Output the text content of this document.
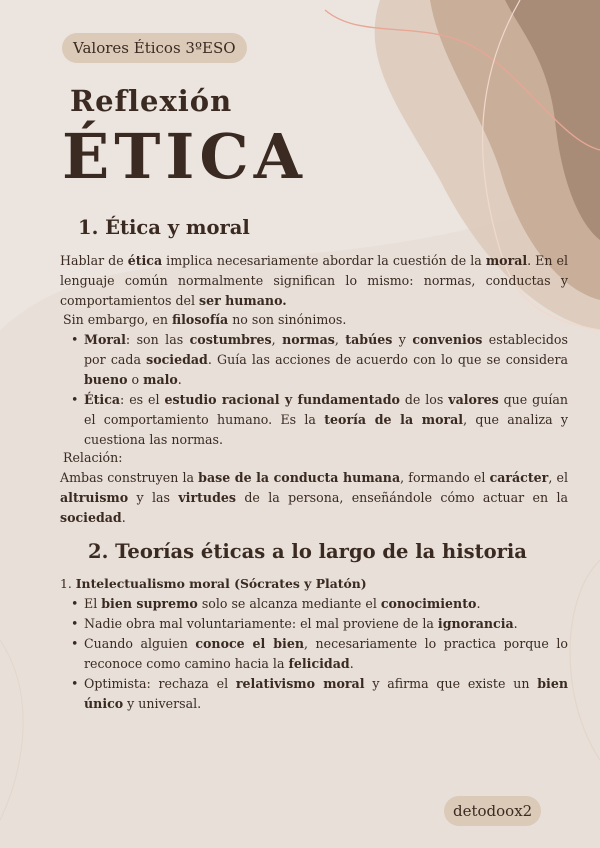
Valores Éticos 3ºESO
Reflexión
ÉTICA
1. Ética y moral

Hablar de ética implica necesariamente abordar la cuestión de la moral. En el lenguaje común normalmente significan lo mismo: normas, conductas y comportamientos del ser humano.

Sin embargo, en filosofía no son sinónimos.

• Moral: son las costumbres, normas, tabúes y convenios establecidos por cada sociedad. Guía las acciones de acuerdo con lo que se considera bueno o malo.
• Ética: es el estudio racional y fundamentado de los valores que guían el comportamiento humano. Es la teoría de la moral, que analiza y cuestiona las normas.

Relación:

Ambas construyen la base de la conducta humana, formando el carácter, el altruismo y las virtudes de la persona, enseñándole cómo actuar en la sociedad.

2. Teorías éticas a lo largo de la historia

1. Intelectualismo moral (Sócrates y Platón)

• El bien supremo solo se alcanza mediante el conocimiento.
• Nadie obra mal voluntariamente: el mal proviene de la ignorancia.
• Cuando alguien conoce el bien, necesariamente lo practica porque lo reconoce como camino hacia la felicidad.
• Optimista: rechaza el relativismo moral y afirma que existe un bien único y universal.
detodoox2
